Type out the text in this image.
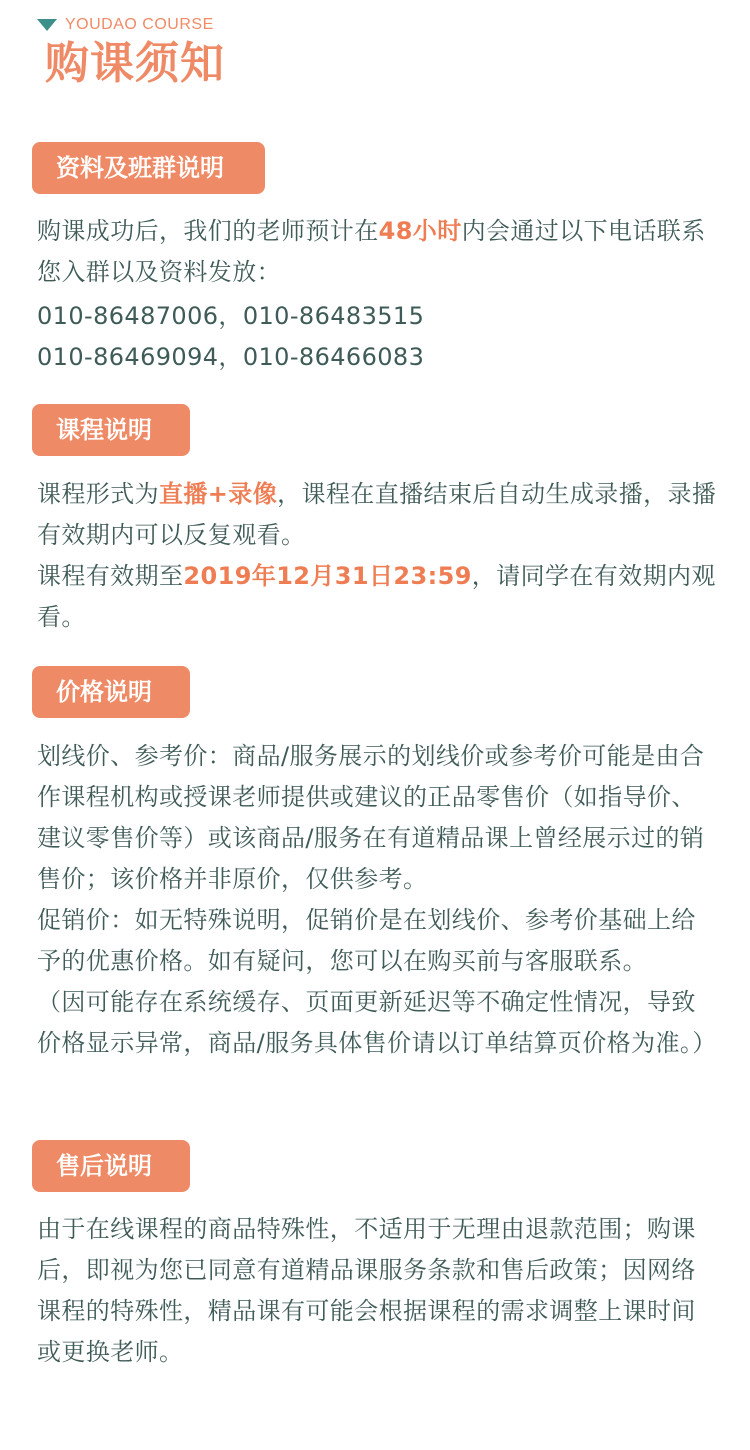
YOUDAO COURSE
购课须知
资料及班群说明

购课成功后，我们的老师预计在48小时内会通过以下电话联系您入群以及资料发放：

010-86487006，010-86483515

010-86469094，010-86466083

课程说明

课程形式为直播+录像，课程在直播结束后自动生成录播，录播有效期内可以反复观看。

课程有效期至2019年12月31日23:59，请同学在有效期内观看。

价格说明

划线价、参考价：商品/服务展示的划线价或参考价可能是由合作课程机构或授课老师提供或建议的正品零售价（如指导价、建议零售价等）或该商品/服务在有道精品课上曾经展示过的销售价；该价格并非原价，仅供参考。

促销价：如无特殊说明，促销价是在划线价、参考价基础上给予的优惠价格。如有疑问，您可以在购买前与客服联系。

（因可能存在系统缓存、页面更新延迟等不确定性情况，导致价格显示异常，商品/服务具体售价请以订单结算页价格为准。）

售后说明

由于在线课程的商品特殊性，不适用于无理由退款范围；购课后，即视为您已同意有道精品课服务条款和售后政策；因网络课程的特殊性，精品课有可能会根据课程的需求调整上课时间或更换老师。
